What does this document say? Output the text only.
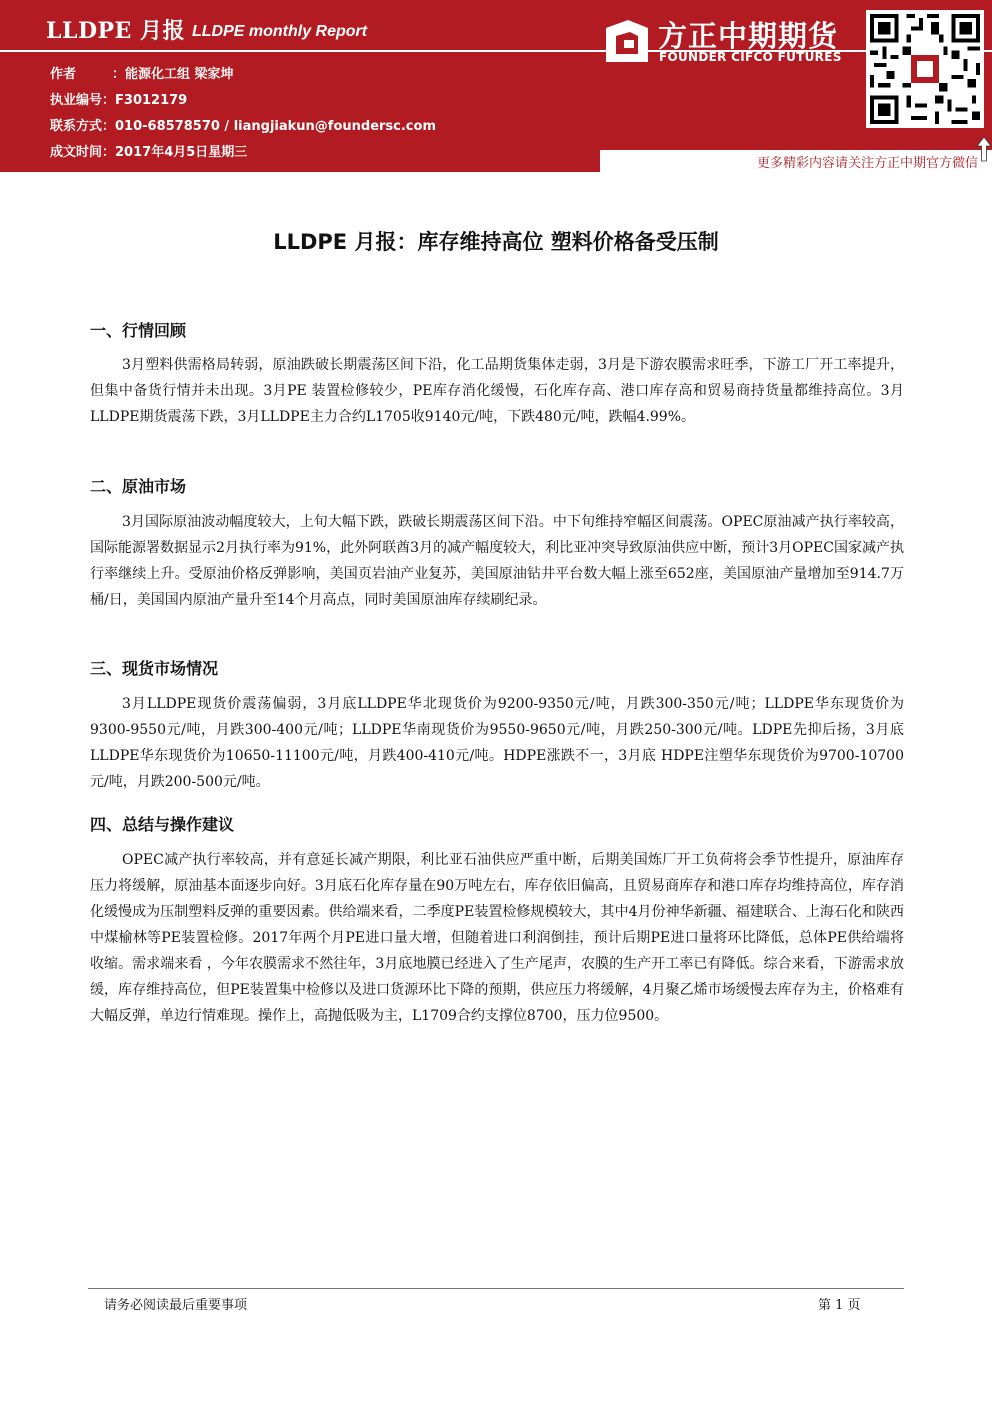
LLDPE 月报 LLDPE monthly Report
作者	：能源化工组 梁家坤
执业编号：F3012179
联系方式：010-68578570 / liangjiakun@foundersc.com
成文时间：2017年4月5日星期三
方正中期期货
FOUNDER CIFCO FUTURES
更多精彩内容请关注方正中期官方微信
LLDPE 月报：库存维持高位 塑料价格备受压制
一、行情回顾
3月塑料供需格局转弱，原油跌破长期震荡区间下沿，化工品期货集体走弱，3月是下游农膜需求旺季，下游工厂开工率提升，但集中备货行情并未出现。3月PE 装置检修较少，PE库存消化缓慢，石化库存高、港口库存高和贸易商持货量都维持高位。3月LLDPE期货震荡下跌，3月LLDPE主力合约L1705收9140元/吨，下跌480元/吨，跌幅4.99%。
二、原油市场
3月国际原油波动幅度较大，上旬大幅下跌，跌破长期震荡区间下沿。中下旬维持窄幅区间震荡。OPEC原油减产执行率较高，国际能源署数据显示2月执行率为91%，此外阿联酋3月的减产幅度较大，利比亚冲突导致原油供应中断，预计3月OPEC国家减产执行率继续上升。受原油价格反弹影响，美国页岩油产业复苏，美国原油钻井平台数大幅上涨至652座，美国原油产量增加至914.7万桶/日，美国国内原油产量升至14个月高点，同时美国原油库存续刷纪录。
三、现货市场情况
3月LLDPE现货价震荡偏弱，3月底LLDPE华北现货价为9200-9350元/吨，月跌300-350元/吨；LLDPE华东现货价为9300-9550元/吨，月跌300-400元/吨；LLDPE华南现货价为9550-9650元/吨，月跌250-300元/吨。LDPE先抑后扬，3月底LLDPE华东现货价为10650-11100元/吨，月跌400-410元/吨。HDPE涨跌不一，3月底 HDPE注塑华东现货价为9700-10700元/吨，月跌200-500元/吨。
四、总结与操作建议
OPEC减产执行率较高，并有意延长减产期限，利比亚石油供应严重中断，后期美国炼厂开工负荷将会季节性提升，原油库存压力将缓解，原油基本面逐步向好。3月底石化库存量在90万吨左右，库存依旧偏高，且贸易商库存和港口库存均维持高位，库存消化缓慢成为压制塑料反弹的重要因素。供给端来看，二季度PE装置检修规模较大，其中4月份神华新疆、福建联合、上海石化和陕西中煤榆林等PE装置检修。2017年两个月PE进口量大增，但随着进口利润倒挂，预计后期PE进口量将环比降低，总体PE供给端将收缩。需求端来看 ，今年农膜需求不然往年，3月底地膜已经进入了生产尾声，农膜的生产开工率已有降低。综合来看，下游需求放缓，库存维持高位，但PE装置集中检修以及进口货源环比下降的预期，供应压力将缓解，4月聚乙烯市场缓慢去库存为主，价格难有大幅反弹，单边行情难现。操作上，高抛低吸为主，L1709合约支撑位8700，压力位9500。
请务必阅读最后重要事项	第 1 页
